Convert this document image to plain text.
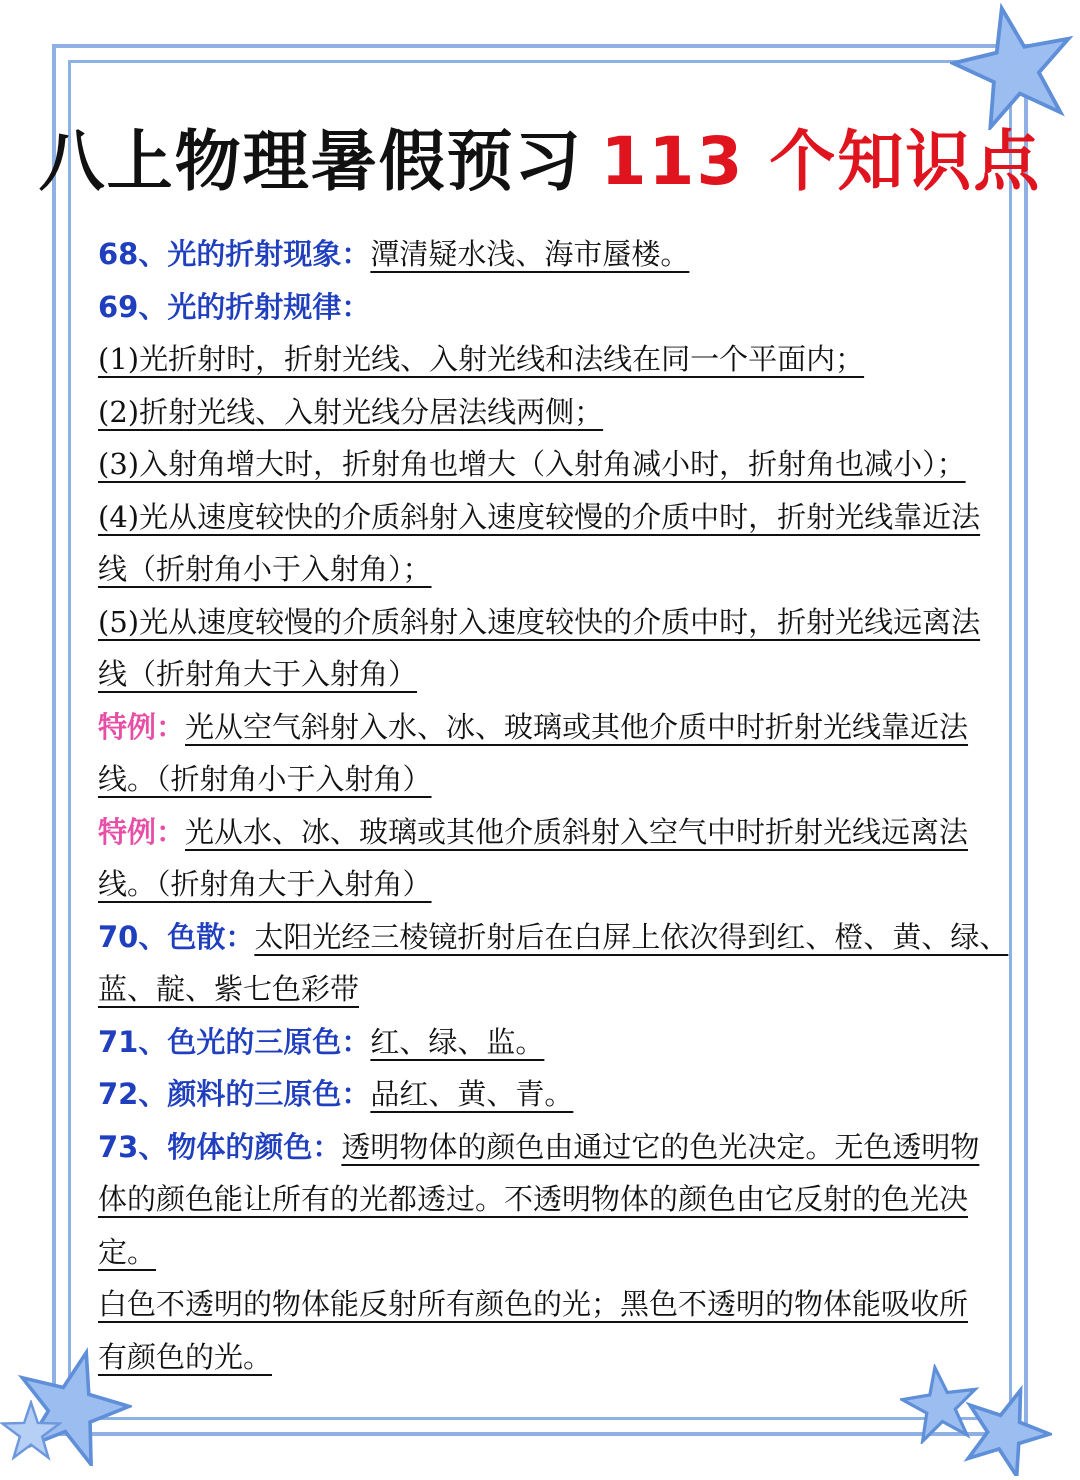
八上物理暑假预习 113 个知识点
68、光的折射现象：潭清疑水浅、海市蜃楼。
69、光的折射规律：
(1)光折射时，折射光线、入射光线和法线在同一个平面内；
(2)折射光线、入射光线分居法线两侧；
(3)入射角增大时，折射角也增大（入射角减小时，折射角也减小）；
(4)光从速度较快的介质斜射入速度较慢的介质中时，折射光线靠近法
线（折射角小于入射角）；
(5)光从速度较慢的介质斜射入速度较快的介质中时，折射光线远离法
线（折射角大于入射角）
特例：光从空气斜射入水、冰、玻璃或其他介质中时折射光线靠近法
线。（折射角小于入射角）
特例：光从水、冰、玻璃或其他介质斜射入空气中时折射光线远离法
线。（折射角大于入射角）
70、色散：太阳光经三棱镜折射后在白屏上依次得到红、橙、黄、绿、
蓝、靛、紫七色彩带
71、色光的三原色：红、绿、监。
72、颜料的三原色：品红、黄、青。
73、物体的颜色：透明物体的颜色由通过它的色光决定。无色透明物
体的颜色能让所有的光都透过。不透明物体的颜色由它反射的色光决
定。
白色不透明的物体能反射所有颜色的光；黑色不透明的物体能吸收所
有颜色的光。
